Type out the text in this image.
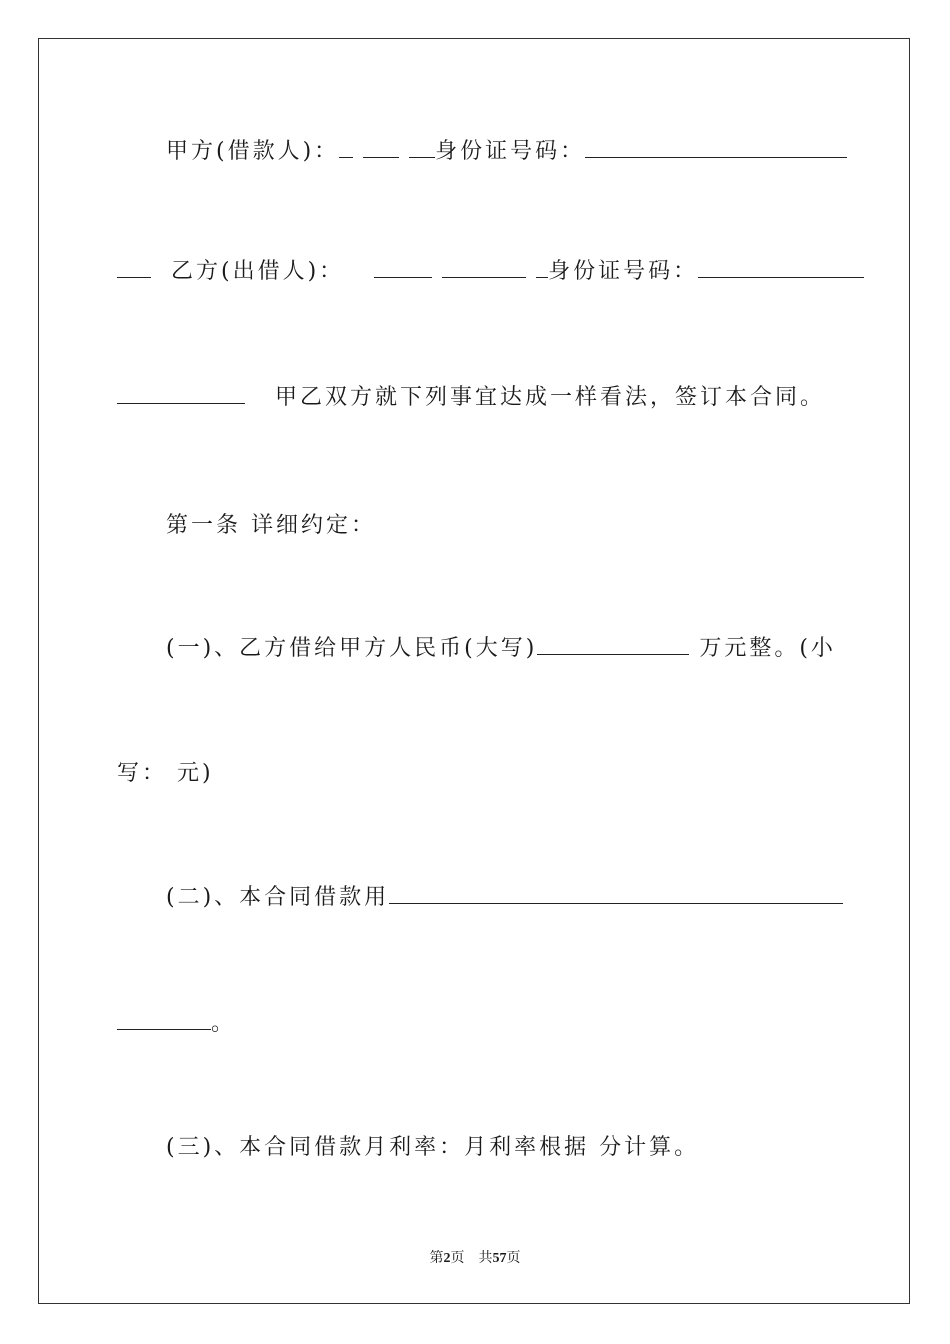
甲方(借款人)：	身份证号码：
乙方(出借人)：	身份证号码：
甲乙双方就下列事宜达成一样看法，签订本合同。
第一条 详细约定：
(一)、乙方借给甲方人民币(大写)	万元整。(小
写： 元)
(二)、本合同借款用
。
(三)、本合同借款月利率：月利率根据 分计算。
第2页　共57页
